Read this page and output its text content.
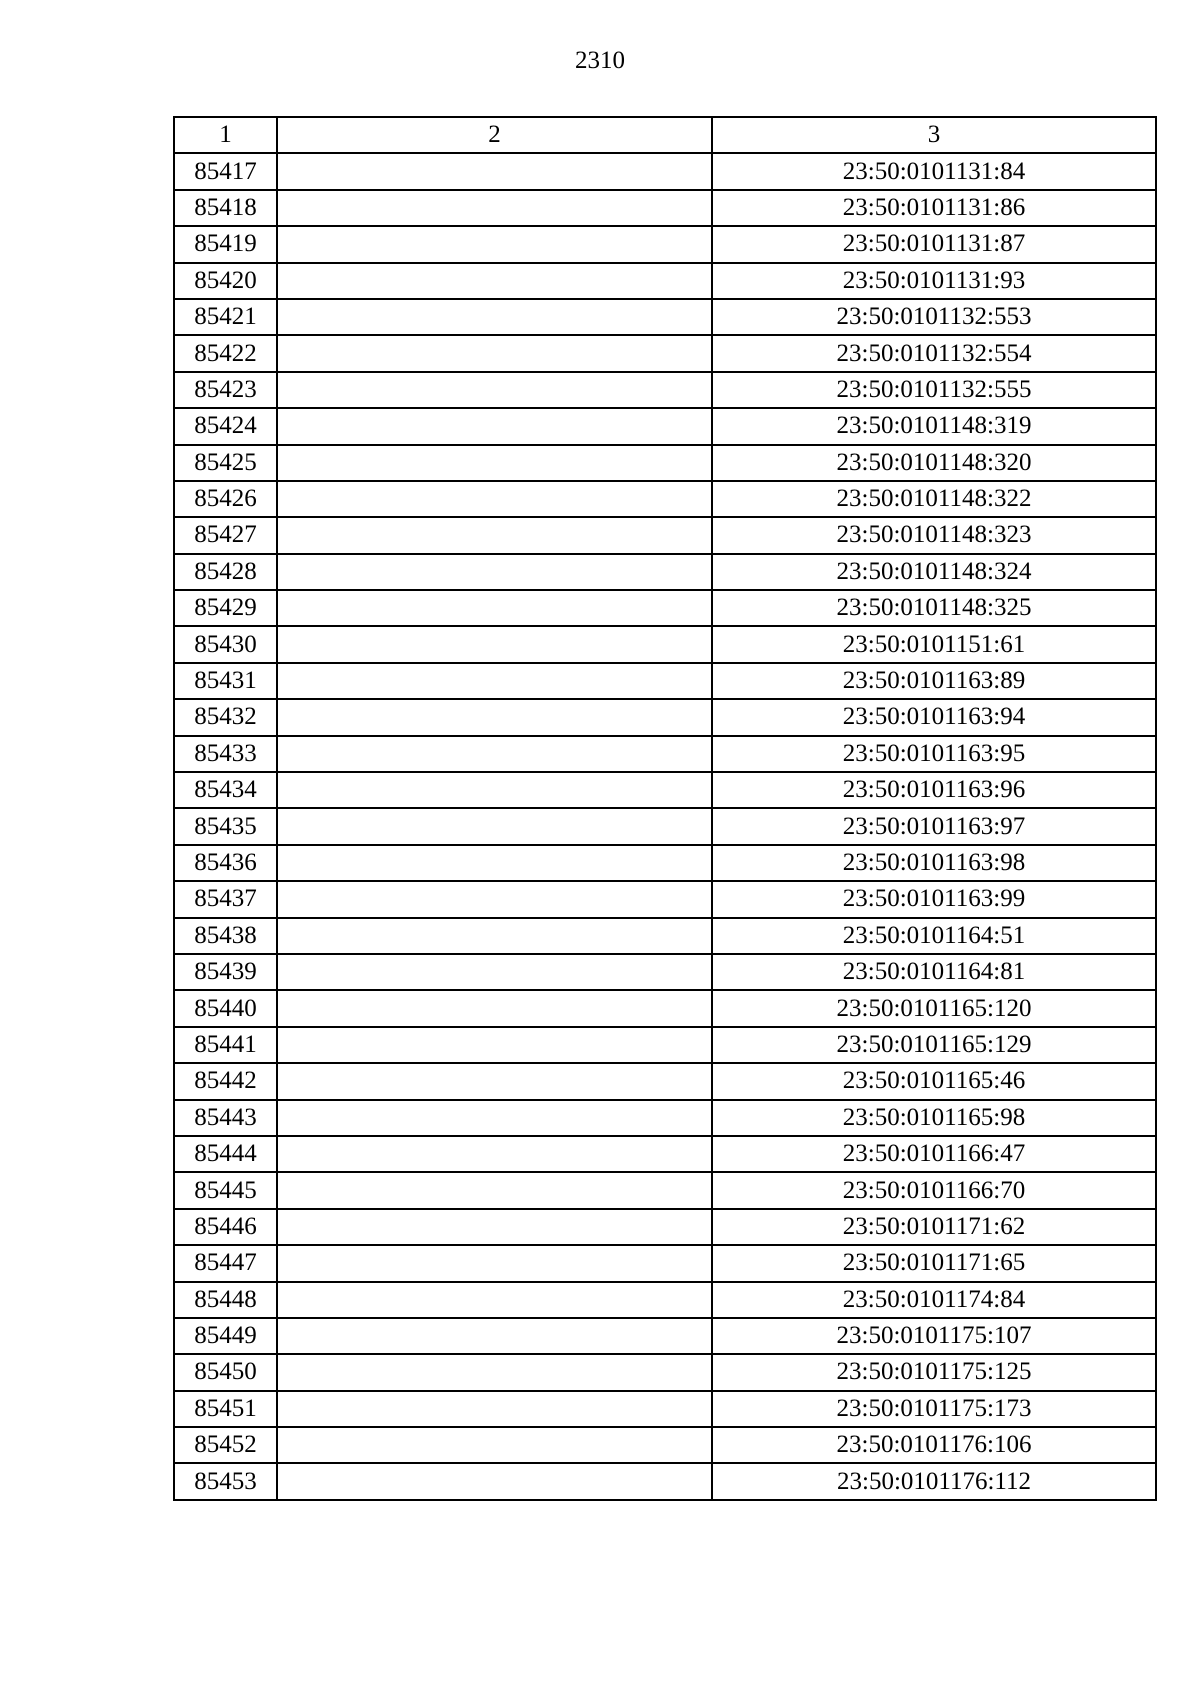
2310
1	2	3
85417		23:50:0101131:84
85418		23:50:0101131:86
85419		23:50:0101131:87
85420		23:50:0101131:93
85421		23:50:0101132:553
85422		23:50:0101132:554
85423		23:50:0101132:555
85424		23:50:0101148:319
85425		23:50:0101148:320
85426		23:50:0101148:322
85427		23:50:0101148:323
85428		23:50:0101148:324
85429		23:50:0101148:325
85430		23:50:0101151:61
85431		23:50:0101163:89
85432		23:50:0101163:94
85433		23:50:0101163:95
85434		23:50:0101163:96
85435		23:50:0101163:97
85436		23:50:0101163:98
85437		23:50:0101163:99
85438		23:50:0101164:51
85439		23:50:0101164:81
85440		23:50:0101165:120
85441		23:50:0101165:129
85442		23:50:0101165:46
85443		23:50:0101165:98
85444		23:50:0101166:47
85445		23:50:0101166:70
85446		23:50:0101171:62
85447		23:50:0101171:65
85448		23:50:0101174:84
85449		23:50:0101175:107
85450		23:50:0101175:125
85451		23:50:0101175:173
85452		23:50:0101176:106
85453		23:50:0101176:112
